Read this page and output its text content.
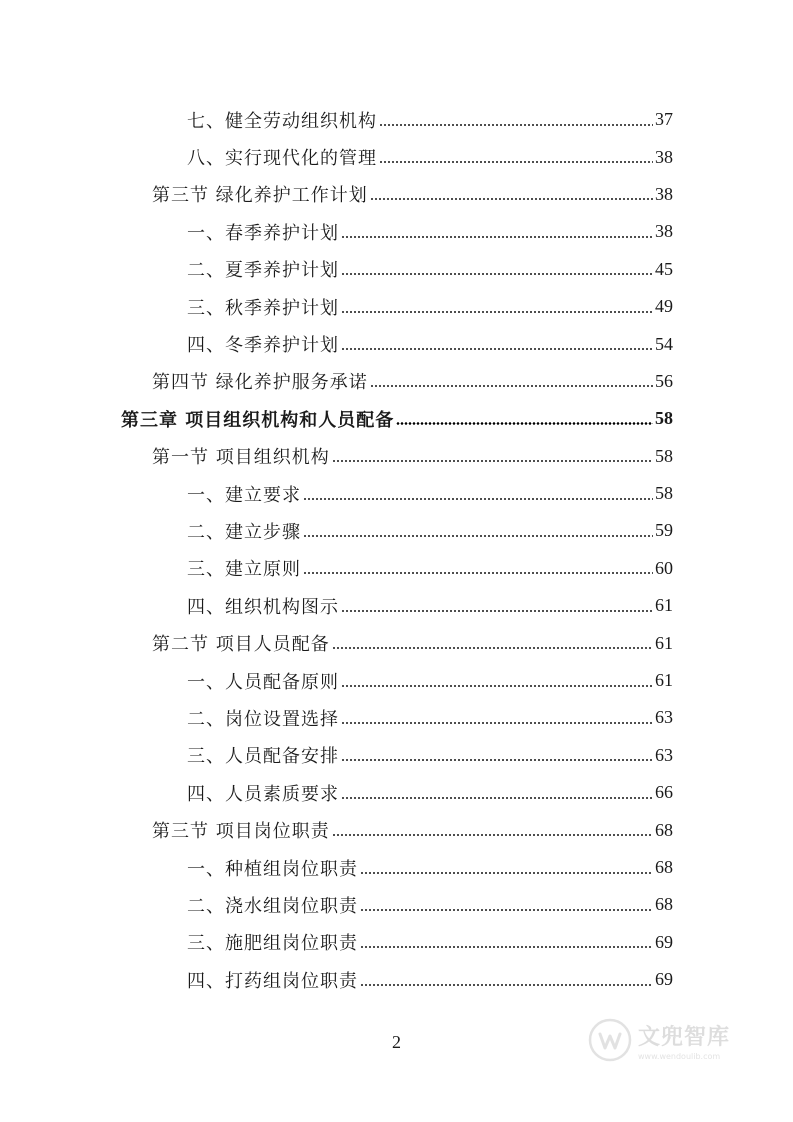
七、健全劳动组织机构	37
八、实行现代化的管理	38
第三节 绿化养护工作计划	38
一、春季养护计划	38
二、夏季养护计划	45
三、秋季养护计划	49
四、冬季养护计划	54
第四节 绿化养护服务承诺	56
第三章 项目组织机构和人员配备	58
第一节 项目组织机构	58
一、建立要求	58
二、建立步骤	59
三、建立原则	60
四、组织机构图示	61
第二节 项目人员配备	61
一、人员配备原则	61
二、岗位设置选择	63
三、人员配备安排	63
四、人员素质要求	66
第三节 项目岗位职责	68
一、种植组岗位职责	68
二、浇水组岗位职责	68
三、施肥组岗位职责	69
四、打药组岗位职责	69
2	文兜智库
www.wendoulib.com
